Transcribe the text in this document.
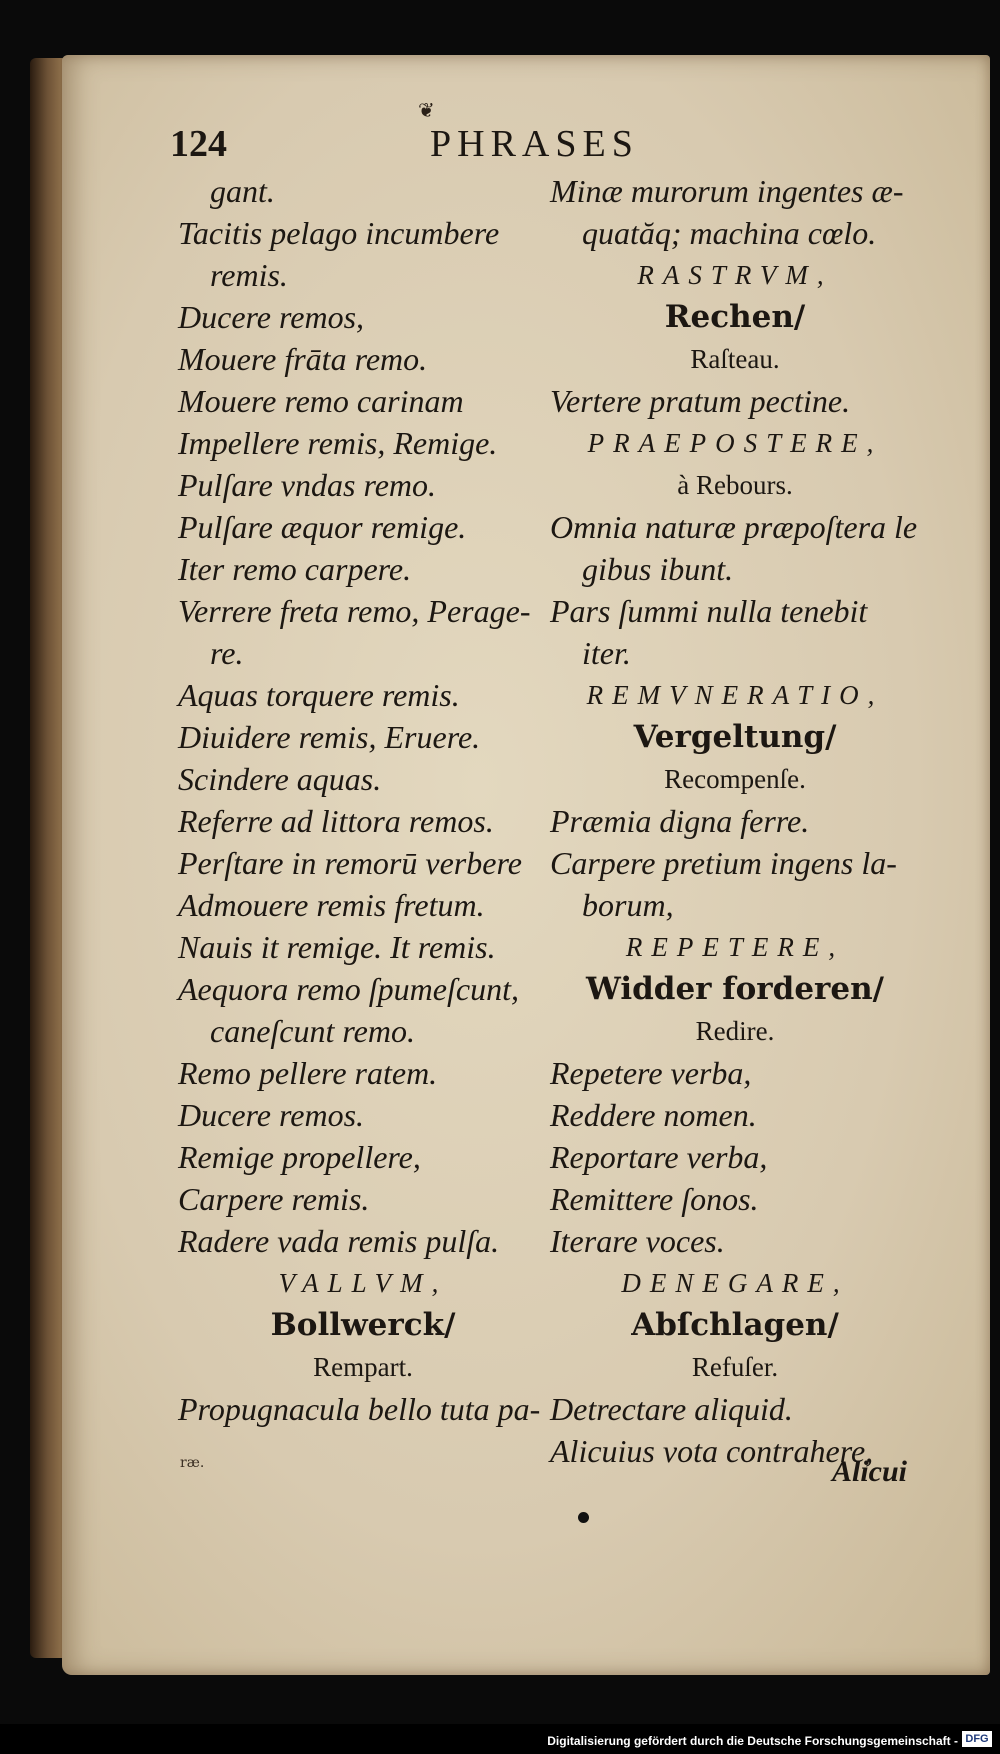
❦
124	PHRASES
gant.
Tacitis pelago incumbere
remis.
Ducere remos,
Mouere frāta remo.
Mouere remo carinam
Impellere remis, Remige.
Pulſare vndas remo.
Pulſare æquor remige.
Iter remo carpere.
Verrere freta remo, Perage-
re.
Aquas torquere remis.
Diuidere remis, Eruere.
Scindere aquas.
Referre ad littora remos.
Perſtare in remorū verbere
Admouere remis fretum.
Nauis it remige. It remis.
Aequora remo ſpumeſcunt,
caneſcunt remo.
Remo pellere ratem.
Ducere remos.
Remige propellere,
Carpere remis.
Radere vada remis pulſa.
VALLVM,
Bollwerck/
Rempart.
Propugnacula bello tuta pa-
Minæ murorum ingentes æ-
quatăq; machina cœlo.
RASTRVM,
Rechen/
Raſteau.
Vertere pratum pectine.
PRAEPOSTERE,
à Rebours.
Omnia naturæ præpoſtera le
gibus ibunt.
Pars ſummi nulla tenebit
iter.
REMVNERATIO,
Vergeltung/
Recompenſe.
Præmia digna ferre.
Carpere pretium ingens la-
borum,
REPETERE,
Widder forderen/
Redire.
Repetere verba,
Reddere nomen.
Reportare verba,
Remittere ſonos.
Iterare voces.
DENEGARE,
Abſchlagen/
Refuſer.
Detrectare aliquid.
Alicuius vota contrahere,
ræ.	Alicui
Digitalisierung gefördert durch die Deutsche Forschungsgemeinschaft - DFG
